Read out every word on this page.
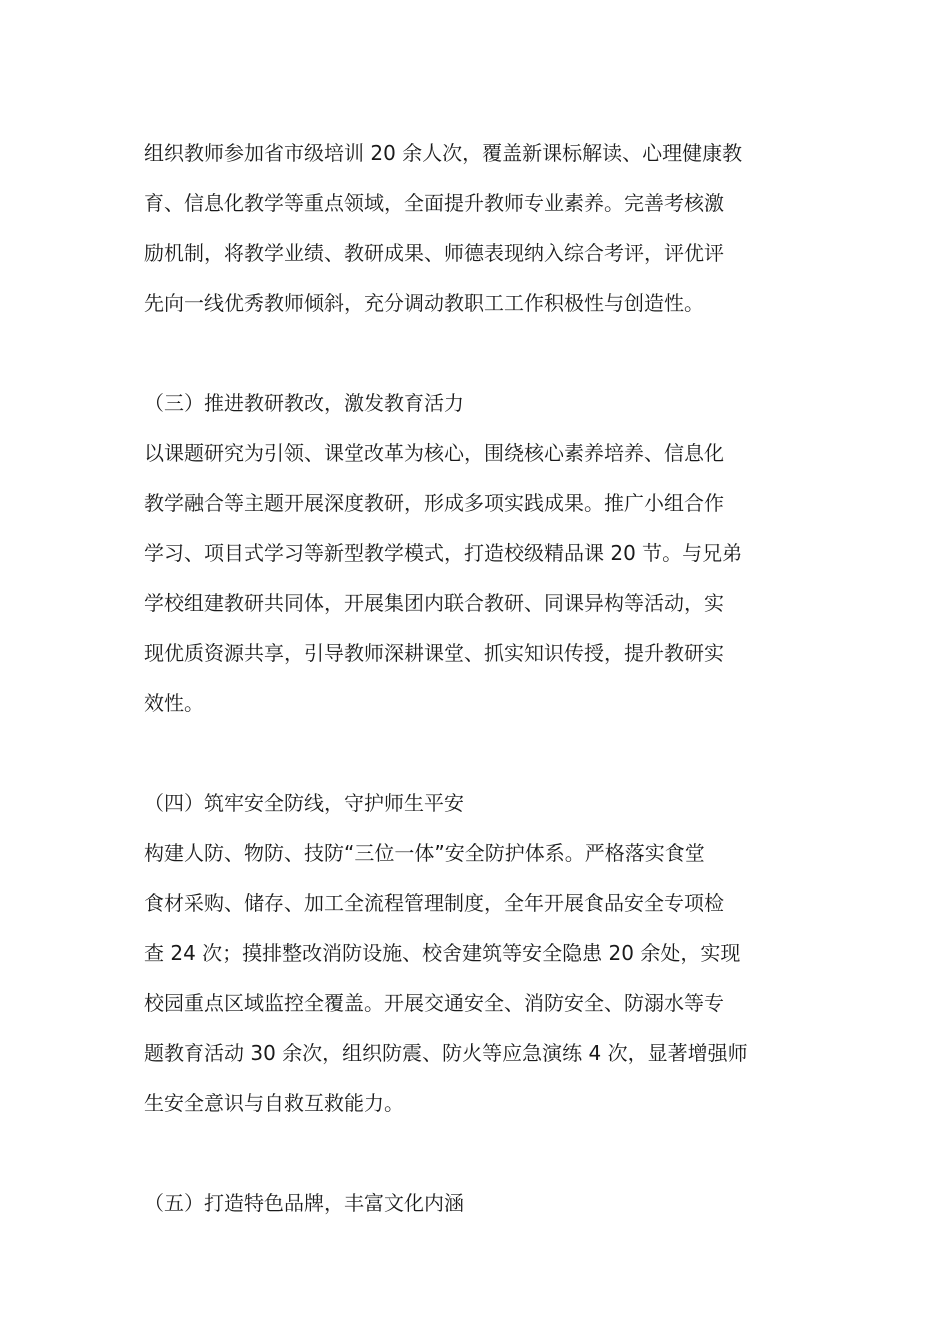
组织教师参加省市级培训 20 余人次，覆盖新课标解读、心理健康教
育、信息化教学等重点领域，全面提升教师专业素养。完善考核激
励机制，将教学业绩、教研成果、师德表现纳入综合考评，评优评
先向一线优秀教师倾斜，充分调动教职工工作积极性与创造性。
（三）推进教研教改，激发教育活力
以课题研究为引领、课堂改革为核心，围绕核心素养培养、信息化
教学融合等主题开展深度教研，形成多项实践成果。推广小组合作
学习、项目式学习等新型教学模式，打造校级精品课 20 节。与兄弟
学校组建教研共同体，开展集团内联合教研、同课异构等活动，实
现优质资源共享，引导教师深耕课堂、抓实知识传授，提升教研实
效性。
（四）筑牢安全防线，守护师生平安
构建人防、物防、技防“三位一体”安全防护体系。严格落实食堂
食材采购、储存、加工全流程管理制度，全年开展食品安全专项检
查 24 次；摸排整改消防设施、校舍建筑等安全隐患 20 余处，实现
校园重点区域监控全覆盖。开展交通安全、消防安全、防溺水等专
题教育活动 30 余次，组织防震、防火等应急演练 4 次，显著增强师
生安全意识与自救互救能力。
（五）打造特色品牌，丰富文化内涵
